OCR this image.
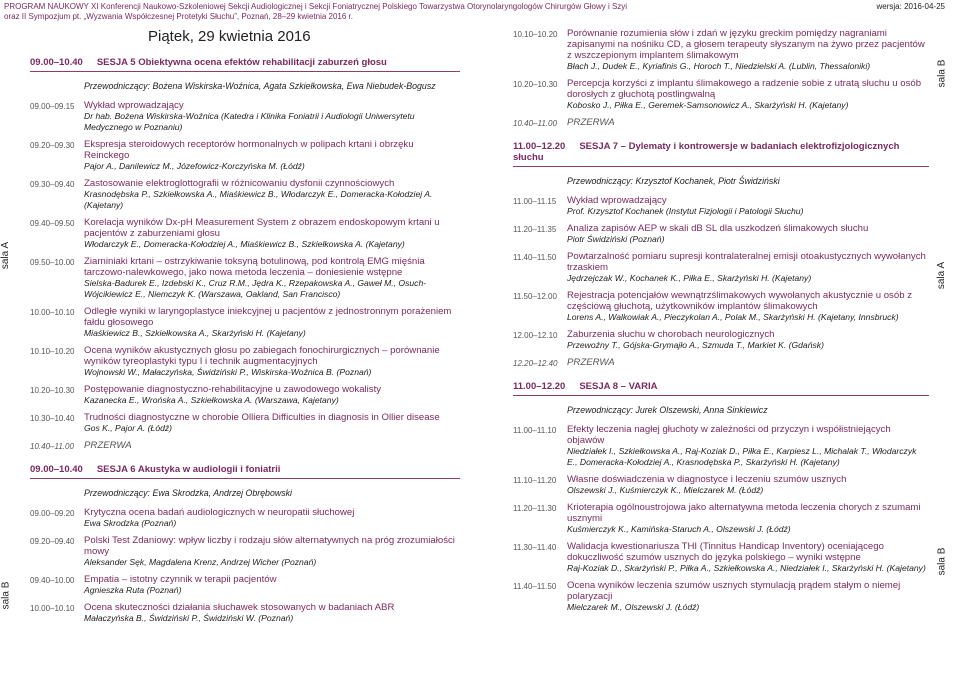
PROGRAM NAUKOWY XI Konferencji Naukowo-Szkoleniowej Sekcji Audiologicznej i Sekcji Foniatrycznej Polskiego Towarzystwa Otorynolaryngologów Chirurgów Głowy i Szyi
oraz II Sympozjum pt. „Wyzwania Współczesnej Protetyki Słuchu”, Poznań, 28–29 kwietnia 2016 r.
wersja: 2016-04-25
sala A
sala B
sala B
sala A
sala B
Piątek, 29 kwietnia 2016
09.00–10.40 SESJA 5 Obiektywna ocena efektów rehabilitacji zaburzeń głosu
Przewodniczący: Bożena Wiskirska-Woźnica, Agata Szkiełkowska, Ewa Niebudek-Bogusz
09.00–09.15 Wykład wprowadzający
Dr hab. Bożena Wiskirska-Woźnica (Katedra i Klinika Foniatrii i Audiologii Uniwersytetu Medycznego w Poznaniu)
09.20–09.30 Ekspresja steroidowych receptorów hormonalnych w polipach krtani i obrzęku Reinckego
Pajor A., Danilewicz M., Józefowicz-Korczyńska M. (Łódź)
09.30–09.40 Zastosowanie elektroglottografii w różnicowaniu dysfonii czynnościowych
Krasnodębska P., Szkiełkowska A., Miaśkiewicz B., Włodarczyk E., Domeracka-Kołodziej A. (Kajetany)
09.40–09.50 Korelacja wyników Dx-pH Measurement System z obrazem endoskopowym krtani u pacjentów z zaburzeniami głosu
Włodarczyk E., Domeracka-Kołodziej A., Miaśkiewicz B., Szkiełkowska A. (Kajetany)
09.50–10.00 Ziarniniaki krtani – ostrzykiwanie toksyną botulinową, pod kontrolą EMG mięśnia tarczowo-nalewkowego, jako nowa metoda leczenia – doniesienie wstępne
Sielska-Badurek E., Izdebski K., Cruz R.M., Jędra K., Rzepakowska A., Gaweł M., Osuch-Wójcikiewicz E., Niemczyk K. (Warszawa, Oakland, San Francisco)
10.00–10.10 Odległe wyniki w laryngoplastyce iniekcyjnej u pacjentów z jednostronnym porażeniem fałdu głosowego
Miaśkiewicz B., Szkiełkowska A., Skarżyński H. (Kajetany)
10.10–10.20 Ocena wyników akustycznych głosu po zabiegach fonochirurgicznych – porównanie wyników tyreoplastyki typu I i technik augmentacyjnych
Wojnowski W., Małaczyńska, Świdziński P., Wiskirska-Woźnica B. (Poznań)
10.20–10.30 Postępowanie diagnostyczno-rehabilitacyjne u zawodowego wokalisty
Kazanecka E., Wrońska A., Szkiełkowska A. (Warszawa, Kajetany)
10.30–10.40 Trudności diagnostyczne w chorobie Olliera Difficulties in diagnosis in Ollier disease
Gos K., Pajor A. (Łódź)
10.40–11.00	PRZERWA
09.00–10.40 SESJA 6 Akustyka w audiologii i foniatrii
Przewodniczący: Ewa Skrodzka, Andrzej Obrębowski
09.00–09.20 Krytyczna ocena badań audiologicznych w neuropatii słuchowej
Ewa Skrodzka (Poznań)
09.20–09.40 Polski Test Zdaniowy: wpływ liczby i rodzaju słów alternatywnych na próg zrozumiałości mowy
Aleksander Sęk, Magdalena Krenz, Andrzej Wicher (Poznań)
09.40–10.00 Empatia – istotny czynnik w terapii pacjentów
Agnieszka Ruta (Poznań)
10.00–10.10 Ocena skuteczności działania słuchawek stosowanych w badaniach ABR
Małaczyńska B., Świdziński P., Świdziński W. (Poznań)
10.10–10.20 Porównanie rozumienia słów i zdań w języku greckim pomiędzy nagraniami zapisanymi na nośniku CD, a głosem terapeuty słyszanym na żywo przez pacjentów z wszczepionym implantem ślimakowym
Błach J., Dudek E., Kyriafinis G., Horoch T., Niedzielski A. (Lublin, Thessaloniki)
10.20–10.30 Percepcja korzyści z implantu ślimakowego a radzenie sobie z utratą słuchu u osób dorosłych z głuchotą postlingwalną
Kobosko J., Piłka E., Geremek-Samsonowicz A., Skarżyński H. (Kajetany)
10.40–11.00	PRZERWA
11.00–12.20 SESJA 7 – Dylematy i kontrowersje w badaniach elektrofizjologicznych słuchu
Przewodniczący: Krzysztof Kochanek, Piotr Świdziński
11.00–11.15	Wykład wprowadzający
Prof. Krzysztof Kochanek (Instytut Fizjologii i Patologii Słuchu)
11.20–11.35	Analiza zapisów AEP w skali dB SL dla uszkodzeń ślimakowych słuchu
Piotr Świdziński (Poznań)
11.40–11.50	Powtarzalność pomiaru supresji kontralateralnej emisji otoakustycznych wywołanych trzaskiem
Jędrzejczak W., Kochanek K., Piłka E., Skarżyński H. (Kajetany)
11.50–12.00	Rejestracja potencjałów wewnątrzślimakowych wywołanych akustycznie u osób z częściową głuchotą, użytkowników implantów ślimakowych
Lorens A., Walkowiak A., Pieczykolan A., Polak M., Skarżyński H. (Kajetany, Innsbruck)
12.00–12.10 Zaburzenia słuchu w chorobach neurologicznych
Przewoźny T., Gójska-Grymajło A., Szmuda T., Markiet K. (Gdańsk)
12.20–12.40 PRZERWA
11.00–12.20 SESJA 8 – VARIA
Przewodniczący: Jurek Olszewski, Anna Sinkiewicz
11.00–11.10	Efekty leczenia nagłej głuchoty w zależności od przyczyn i współistniejących objawów
Niedziałek I., Szkiełkowska A., Raj-Koziak D., Piłka E., Karpiesz L., Michalak T., Włodarczyk E., Domeracka-Kołodziej A., Krasnodębska P., Skarżyński H. (Kajetany)
11.10–11.20	Własne doświadczenia w diagnostyce i leczeniu szumów usznych
Olszewski J., Kuśmierczyk K., Mielczarek M. (Łódź)
11.20–11.30	Krioterapia ogólnoustrojowa jako alternatywna metoda leczenia chorych z szumami usznymi
Kuśmierczyk K., Kamińska-Staruch A., Olszewski J. (Łódź)
11.30–11.40	Walidacja kwestionariusza THI (Tinnitus Handicap Inventory) oceniającego dokuczliwość szumów usznych do języka polskiego – wyniki wstępne
Raj-Koziak D., Skarżyński P., Piłka A., Szkiełkowska A., Niedziałek I., Skarżyński H. (Kajetany)
11.40–11.50	Ocena wyników leczenia szumów usznych stymulacją prądem stałym o niemej polaryzacji
Mielczarek M., Olszewski J. (Łódź)
